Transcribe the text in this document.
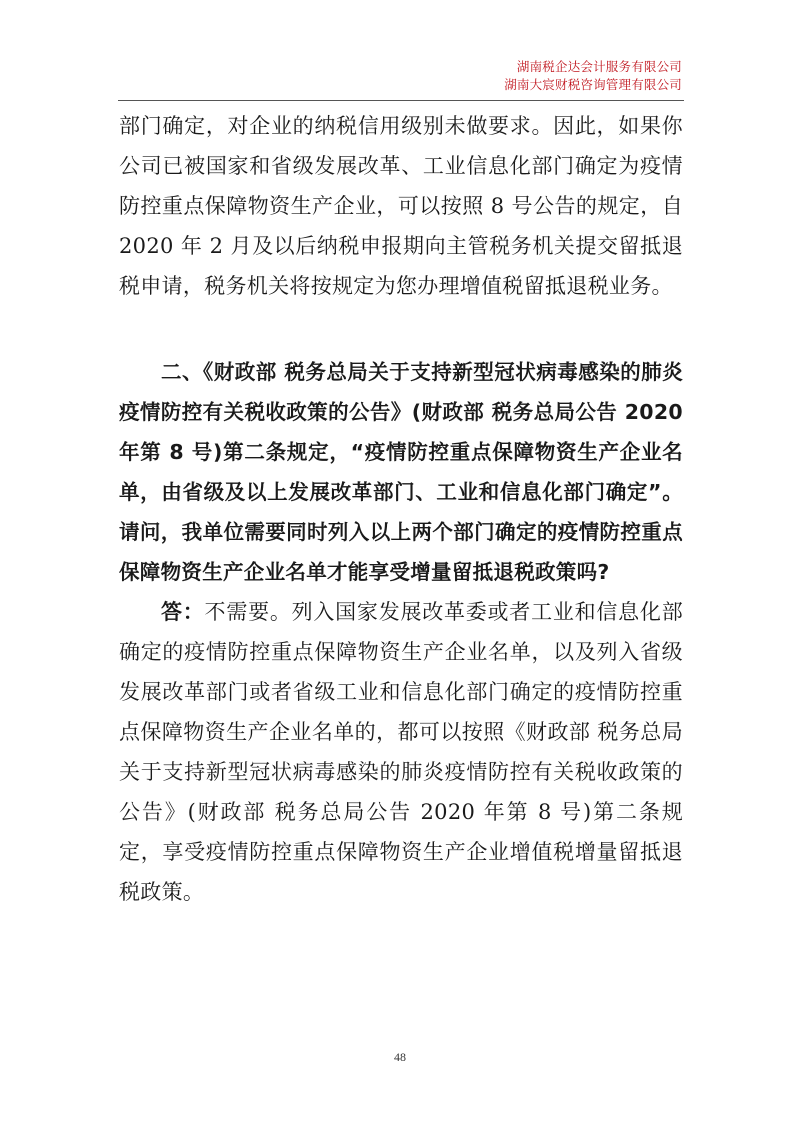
湖南税企达会计服务有限公司
湖南大宸财税咨询管理有限公司

部门确定，对企业的纳税信用级别未做要求。因此，如果你公司已被国家和省级发展改革、工业信息化部门确定为疫情防控重点保障物资生产企业，可以按照 8 号公告的规定，自 2020 年 2 月及以后纳税申报期向主管税务机关提交留抵退税申请，税务机关将按规定为您办理增值税留抵退税业务。

二、《财政部 税务总局关于支持新型冠状病毒感染的肺炎疫情防控有关税收政策的公告》(财政部 税务总局公告 2020 年第 8 号)第二条规定，“疫情防控重点保障物资生产企业名单，由省级及以上发展改革部门、工业和信息化部门确定”。请问，我单位需要同时列入以上两个部门确定的疫情防控重点保障物资生产企业名单才能享受增量留抵退税政策吗?

答：不需要。列入国家发展改革委或者工业和信息化部确定的疫情防控重点保障物资生产企业名单，以及列入省级发展改革部门或者省级工业和信息化部门确定的疫情防控重点保障物资生产企业名单的，都可以按照《财政部 税务总局关于支持新型冠状病毒感染的肺炎疫情防控有关税收政策的公告》(财政部 税务总局公告 2020 年第 8 号)第二条规定，享受疫情防控重点保障物资生产企业增值税增量留抵退税政策。

48
